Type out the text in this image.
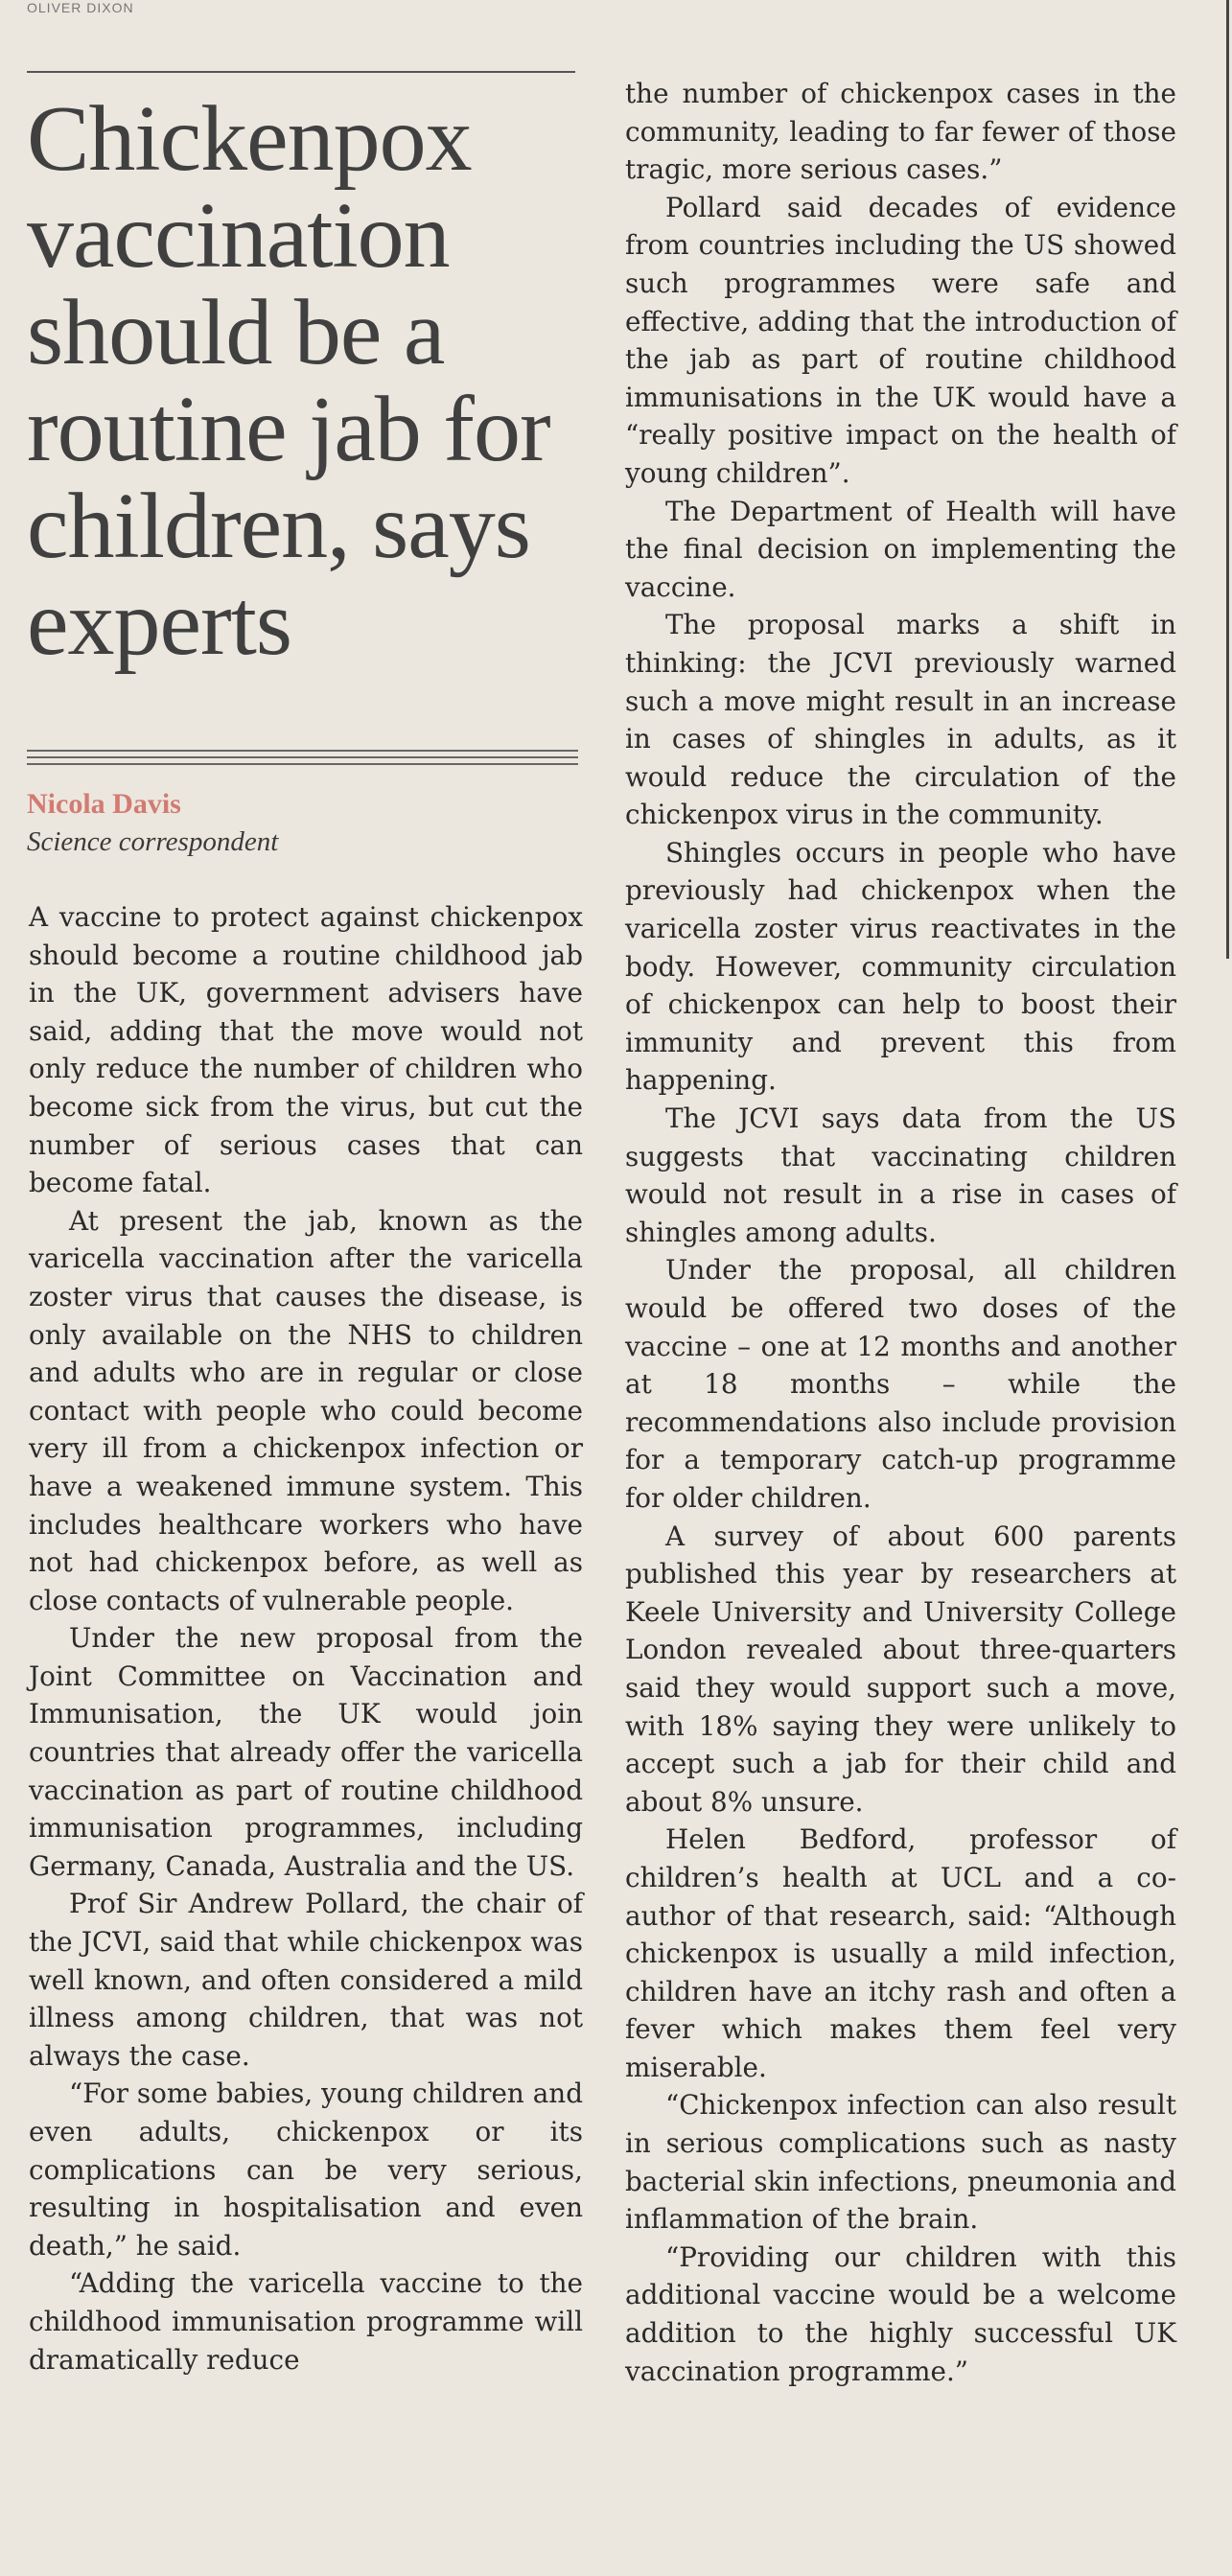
OLIVER DIXON
Chickenpox vaccination should be a routine jab for children, says experts
Nicola Davis
Science correspondent

A vaccine to protect against chickenpox should become a routine childhood jab in the UK, government advisers have said, adding that the move would not only reduce the number of children who become sick from the virus, but cut the number of serious cases that can become fatal.

At present the jab, known as the varicella vaccination after the varicella zoster virus that causes the disease, is only available on the NHS to children and adults who are in regular or close contact with people who could become very ill from a chickenpox infection or have a weakened immune system. This includes healthcare workers who have not had chickenpox before, as well as close contacts of vulnerable people.

Under the new proposal from the Joint Committee on Vaccination and Immunisation, the UK would join countries that already offer the varicella vaccination as part of routine childhood immunisation programmes, including Germany, Canada, Australia and the US.

Prof Sir Andrew Pollard, the chair of the JCVI, said that while chickenpox was well known, and often considered a mild illness among children, that was not always the case.

“For some babies, young children and even adults, chickenpox or its complications can be very serious, resulting in hospitalisation and even death,” he said.

“Adding the varicella vaccine to the childhood immunisation programme will dramatically reduce

the number of chickenpox cases in the community, leading to far fewer of those tragic, more serious cases.”

Pollard said decades of evidence from countries including the US showed such programmes were safe and effective, adding that the introduction of the jab as part of routine childhood immunisations in the UK would have a “really positive impact on the health of young children”.

The Department of Health will have the final decision on implementing the vaccine.

The proposal marks a shift in thinking: the JCVI previously warned such a move might result in an increase in cases of shingles in adults, as it would reduce the circulation of the chickenpox virus in the community.

Shingles occurs in people who have previously had chickenpox when the varicella zoster virus reactivates in the body. However, community circulation of chickenpox can help to boost their immunity and prevent this from happening.

The JCVI says data from the US suggests that vaccinating children would not result in a rise in cases of shingles among adults.

Under the proposal, all children would be offered two doses of the vaccine – one at 12 months and another at 18 months – while the recommendations also include provision for a temporary catch-up programme for older children.

A survey of about 600 parents published this year by researchers at Keele University and University College London revealed about three-quarters said they would support such a move, with 18% saying they were unlikely to accept such a jab for their child and about 8% unsure.

Helen Bedford, professor of children’s health at UCL and a co-author of that research, said: “Although chickenpox is usually a mild infection, children have an itchy rash and often a fever which makes them feel very miserable.

“Chickenpox infection can also result in serious complications such as nasty bacterial skin infections, pneumonia and inflammation of the brain.

“Providing our children with this additional vaccine would be a welcome addition to the highly successful UK vaccination programme.”
